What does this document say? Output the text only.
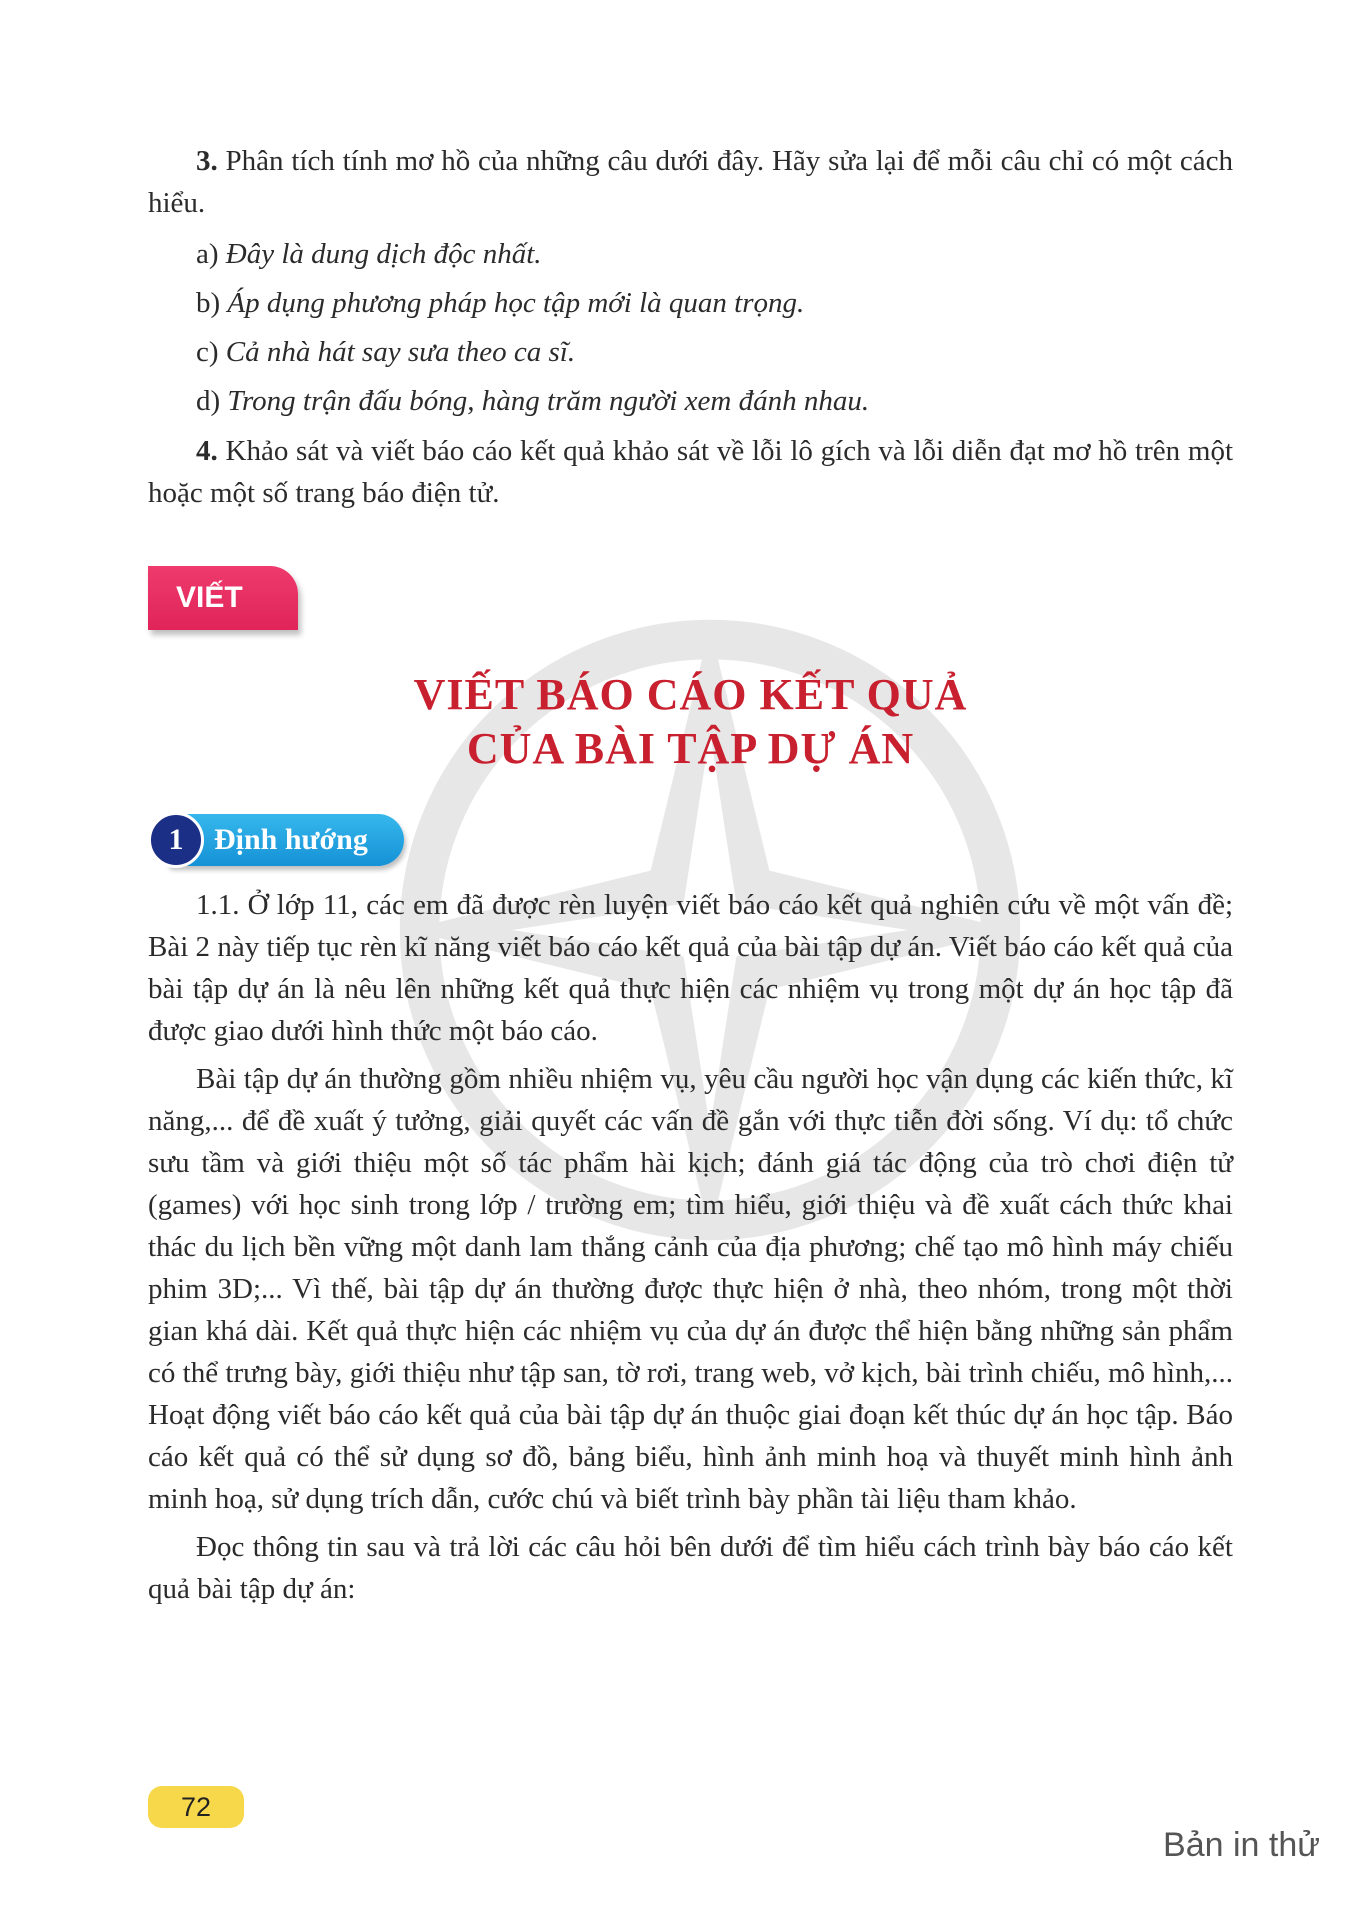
3. Phân tích tính mơ hồ của những câu dưới đây. Hãy sửa lại để mỗi câu chỉ có một cách hiểu.

a) Đây là dung dịch độc nhất.

b) Áp dụng phương pháp học tập mới là quan trọng.

c) Cả nhà hát say sưa theo ca sĩ.

d) Trong trận đấu bóng, hàng trăm người xem đánh nhau.

4. Khảo sát và viết báo cáo kết quả khảo sát về lỗi lô gích và lỗi diễn đạt mơ hồ trên một hoặc một số trang báo điện tử.

VIẾT
VIẾT BÁO CÁO KẾT QUẢ
CỦA BÀI TẬP DỰ ÁN
1	Định hướng

1.1. Ở lớp 11, các em đã được rèn luyện viết báo cáo kết quả nghiên cứu về một vấn đề; Bài 2 này tiếp tục rèn kĩ năng viết báo cáo kết quả của bài tập dự án. Viết báo cáo kết quả của bài tập dự án là nêu lên những kết quả thực hiện các nhiệm vụ trong một dự án học tập đã được giao dưới hình thức một báo cáo.

Bài tập dự án thường gồm nhiều nhiệm vụ, yêu cầu người học vận dụng các kiến thức, kĩ năng,... để đề xuất ý tưởng, giải quyết các vấn đề gắn với thực tiễn đời sống. Ví dụ: tổ chức sưu tầm và giới thiệu một số tác phẩm hài kịch; đánh giá tác động của trò chơi điện tử (games) với học sinh trong lớp / trường em; tìm hiểu, giới thiệu và đề xuất cách thức khai thác du lịch bền vững một danh lam thắng cảnh của địa phương; chế tạo mô hình máy chiếu phim 3D;... Vì thế, bài tập dự án thường được thực hiện ở nhà, theo nhóm, trong một thời gian khá dài. Kết quả thực hiện các nhiệm vụ của dự án được thể hiện bằng những sản phẩm có thể trưng bày, giới thiệu như tập san, tờ rơi, trang web, vở kịch, bài trình chiếu, mô hình,... Hoạt động viết báo cáo kết quả của bài tập dự án thuộc giai đoạn kết thúc dự án học tập. Báo cáo kết quả có thể sử dụng sơ đồ, bảng biểu, hình ảnh minh hoạ và thuyết minh hình ảnh minh hoạ, sử dụng trích dẫn, cước chú và biết trình bày phần tài liệu tham khảo.

Đọc thông tin sau và trả lời các câu hỏi bên dưới để tìm hiểu cách trình bày báo cáo kết quả bài tập dự án:

72
Bản in thử
